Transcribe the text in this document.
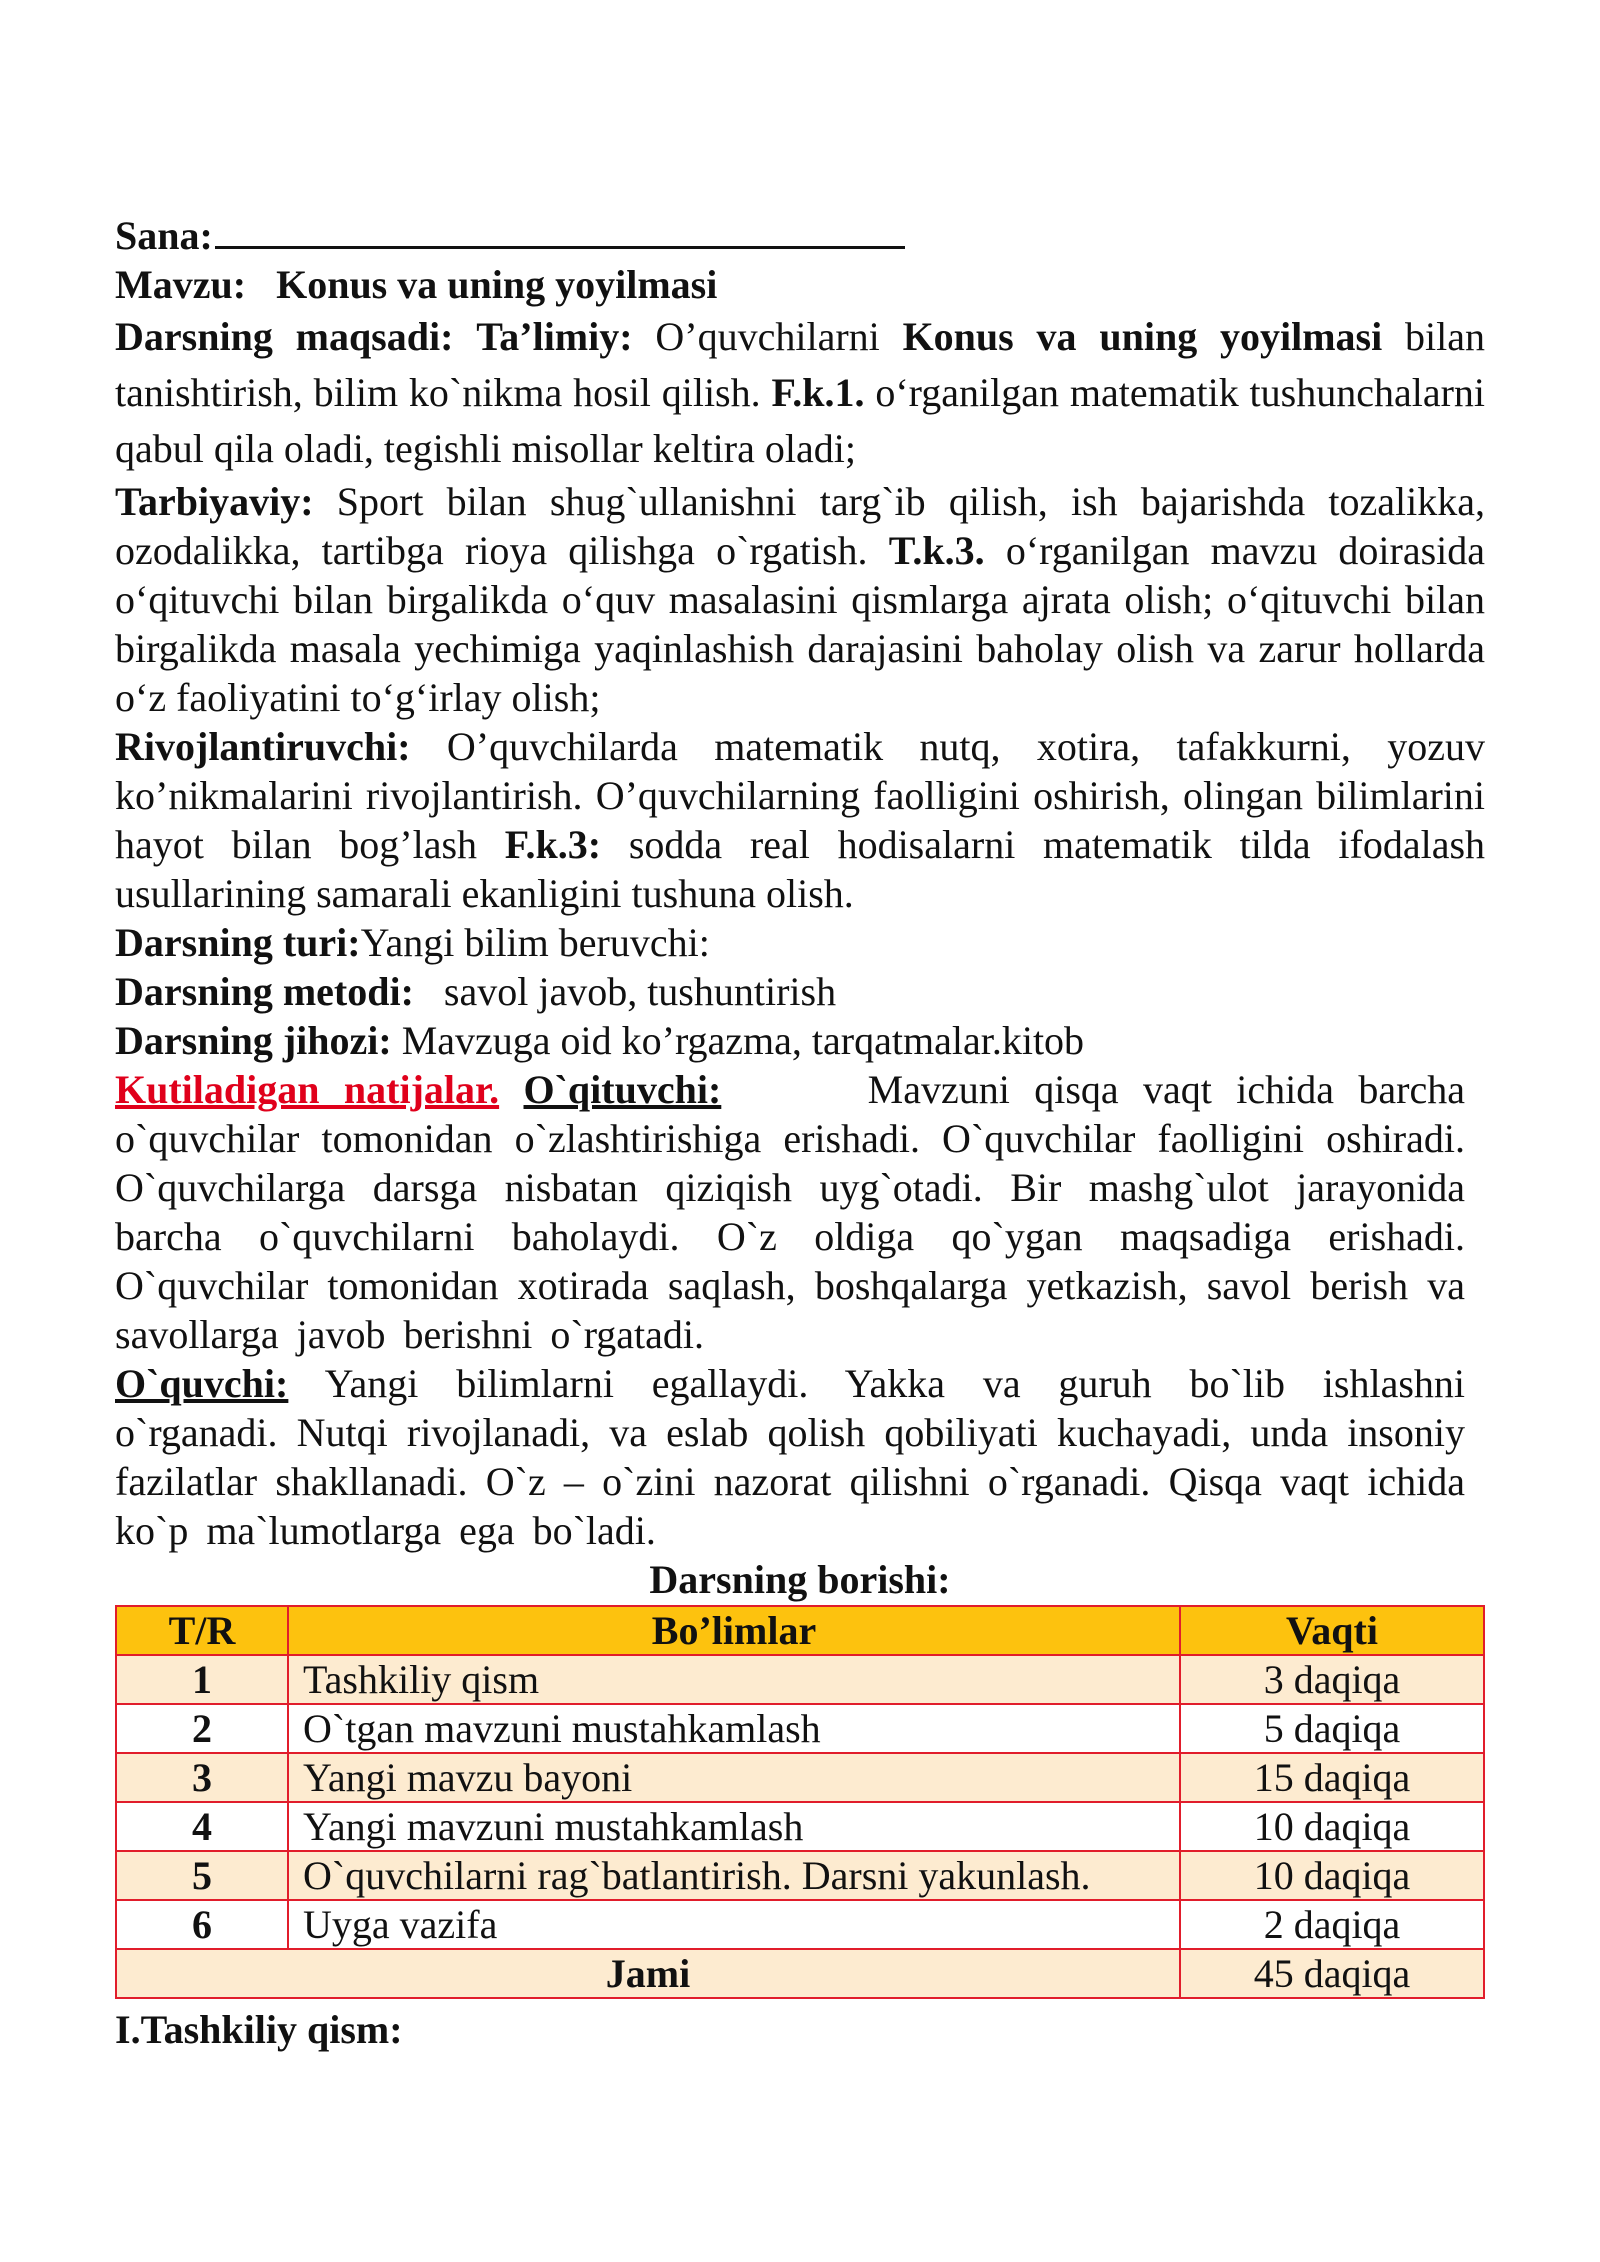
Sana:

Mavzu: Konus va uning yoyilmasi

Darsning maqsadi: Ta’limiy: O’quvchilarni Konus va uning yoyilmasi bilan tanishtirish, bilim ko`nikma hosil qilish. F.k.1. o‘rganilgan matematik tushunchalarni qabul qila oladi, tegishli misollar keltira oladi;

Tarbiyaviy: Sport bilan shug`ullanishni targ`ib qilish, ish bajarishda tozalikka, ozodalikka, tartibga rioya qilishga o`rgatish. T.k.3. o‘rganilgan mavzu doirasida o‘qituvchi bilan birgalikda o‘quv masalasini qismlarga ajrata olish; o‘qituvchi bilan birgalikda masala yechimiga yaqinlashish darajasini baholay olish va zarur hollarda o‘z faoliyatini to‘g‘irlay olish;

Rivojlantiruvchi: O’quvchilarda matematik nutq, xotira, tafakkurni, yozuv ko’nikmalarini rivojlantirish. O’quvchilarning faolligini oshirish, olingan bilimlarini hayot bilan bog’lash F.k.3: sodda real hodisalarni matematik tilda ifodalash usullarining samarali ekanligini tushuna olish.

Darsning turi:Yangi bilim beruvchi:

Darsning metodi: savol javob, tushuntirish

Darsning jihozi: Mavzuga oid ko’rgazma, tarqatmalar.kitob

Kutiladigan natijalar. O`qituvchi:	Mavzuni qisqa vaqt ichida barcha o`quvchilar tomonidan o`zlashtirishiga erishadi. O`quvchilar faolligini oshiradi. O`quvchilarga darsga nisbatan qiziqish uyg`otadi. Bir mashg`ulot jarayonida barcha o`quvchilarni baholaydi. O`z oldiga qo`ygan maqsadiga erishadi. O`quvchilar tomonidan xotirada saqlash, boshqalarga yetkazish, savol berish va savollarga javob berishni o`rgatadi.

O`quvchi: Yangi bilimlarni egallaydi. Yakka va guruh bo`lib ishlashni o`rganadi. Nutqi rivojlanadi, va eslab qolish qobiliyati kuchayadi, unda insoniy fazilatlar shakllanadi. O`z – o`zini nazorat qilishni o`rganadi. Qisqa vaqt ichida ko`p ma`lumotlarga ega bo`ladi.

Darsning borishi:
T/R	Bo’limlar	Vaqti
1	Tashkiliy qism	3 daqiqa
2	O`tgan mavzuni mustahkamlash	5 daqiqa
3	Yangi mavzu bayoni	15 daqiqa
4	Yangi mavzuni mustahkamlash	10 daqiqa
5	O`quvchilarni rag`batlantirish. Darsni yakunlash.	10 daqiqa
6	Uyga vazifa	2 daqiqa
Jami		45 daqiqa

I.Tashkiliy qism:
